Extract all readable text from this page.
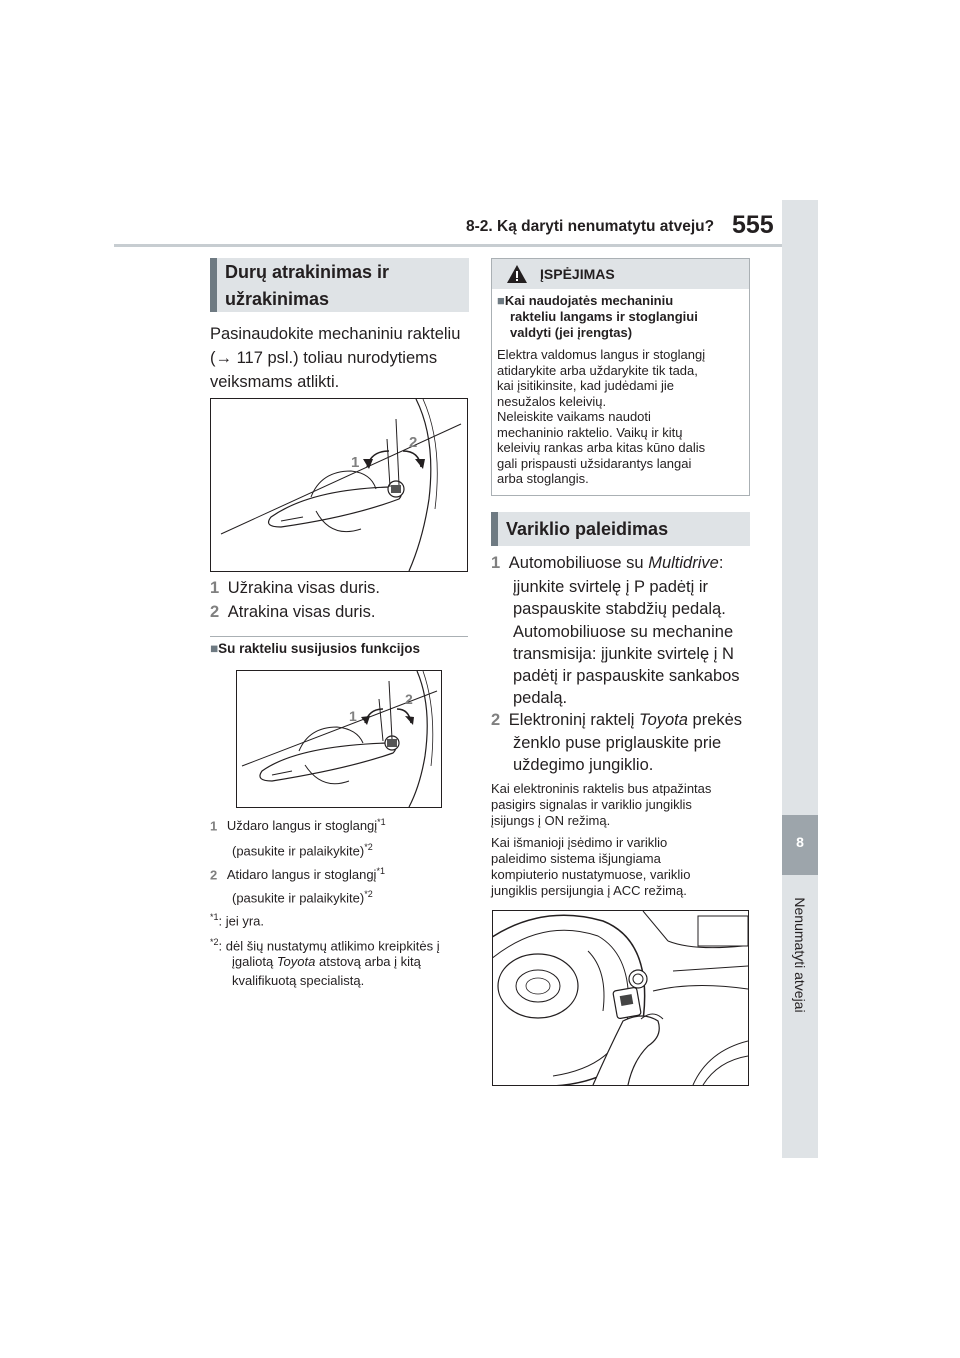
8-2. Ką daryti nenumatytu atveju? 555
8
Nenumatyti atvejai
Durų atrakinimas ir
užrakinimas
Pasinaudokite mechaniniu rakteliu
(→ 117 psl.) toliau nurodytiems
veiksmams atlikti.
1
2
1 Užrakina visas duris.
2 Atrakina visas duris.
■Su rakteliu susijusios funkcijos
1
2
1 Uždaro langus ir stoglangį$^{*1}$
(pasukite ir palaikykite)$^{*2}$
2 Atidaro langus ir stoglangį$^{*1}$
(pasukite ir palaikykite)$^{*2}$
$^{*1}$: jei yra.
$^{*2}$: dėl šių nustatymų atlikimo kreipkitės į
įgaliotą Toyota atstovą arba į kitą
kvalifikuotą specialistą.
ĮSPĖJIMAS
■Kai naudojatės mechaniniu
rakteliu langams ir stoglangiui
valdyti (jei įrengtas)
Elektra valdomus langus ir stoglangį
atidarykite arba uždarykite tik tada,
kai įsitikinsite, kad judėdami jie
nesužalos keleivių.
Neleiskite vaikams naudoti
mechaninio raktelio. Vaikų ir kitų
keleivių rankas arba kitas kūno dalis
gali prispausti užsidarantys langai
arba stoglangis.
Variklio paleidimas
1 Automobiliuose su Multidrive:
įjunkite svirtelę į P padėtį ir
paspauskite stabdžių pedalą.
Automobiliuose su mechanine
transmisija: įjunkite svirtelę į N
padėtį ir paspauskite sankabos
pedalą.
2 Elektroninį raktelį Toyota prekės
ženklo puse priglauskite prie
uždegimo jungiklio.
Kai elektroninis raktelis bus atpažintas
pasigirs signalas ir variklio jungiklis
įsijungs į ON režimą.
Kai išmanioji įsėdimo ir variklio
paleidimo sistema išjungiama
kompiuterio nustatymuose, variklio
jungiklis persijungia į ACC režimą.
